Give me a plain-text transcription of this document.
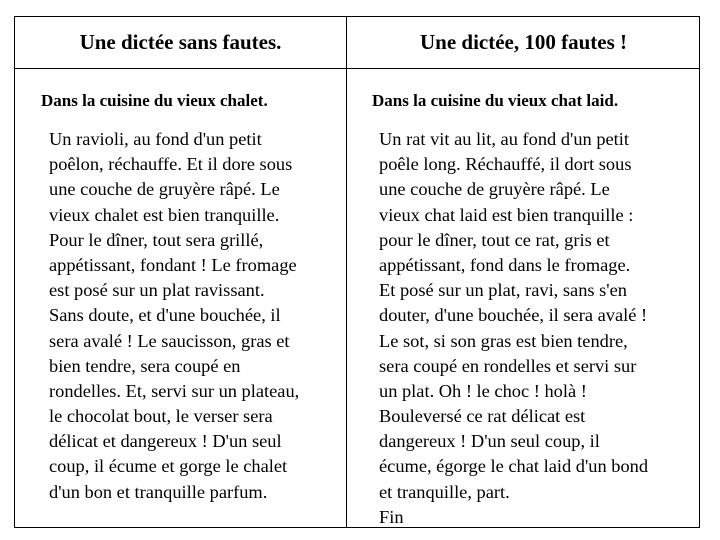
Une dictée sans fautes.	Une dictée, 100 fautes !
Dans la cuisine du vieux chalet.	Dans la cuisine du vieux chat laid.
Un ravioli, au fond d'un petit
poêlon, réchauffe. Et il dore sous
une couche de gruyère râpé. Le
vieux chalet est bien tranquille.
Pour le dîner, tout sera grillé,
appétissant, fondant ! Le fromage
est posé sur un plat ravissant.
Sans doute, et d'une bouchée, il
sera avalé ! Le saucisson, gras et
bien tendre, sera coupé en
rondelles. Et, servi sur un plateau,
le chocolat bout, le verser sera
délicat et dangereux ! D'un seul
coup, il écume et gorge le chalet
d'un bon et tranquille parfum.
Un rat vit au lit, au fond d'un petit
poêle long. Réchauffé, il dort sous
une couche de gruyère râpé. Le
vieux chat laid est bien tranquille :
pour le dîner, tout ce rat, gris et
appétissant, fond dans le fromage.
Et posé sur un plat, ravi, sans s'en
douter, d'une bouchée, il sera avalé !
Le sot, si son gras est bien tendre,
sera coupé en rondelles et servi sur
un plat. Oh ! le choc ! holà !
Bouleversé ce rat délicat est
dangereux ! D'un seul coup, il
écume, égorge le chat laid d'un bond
et tranquille, part.
Fin
